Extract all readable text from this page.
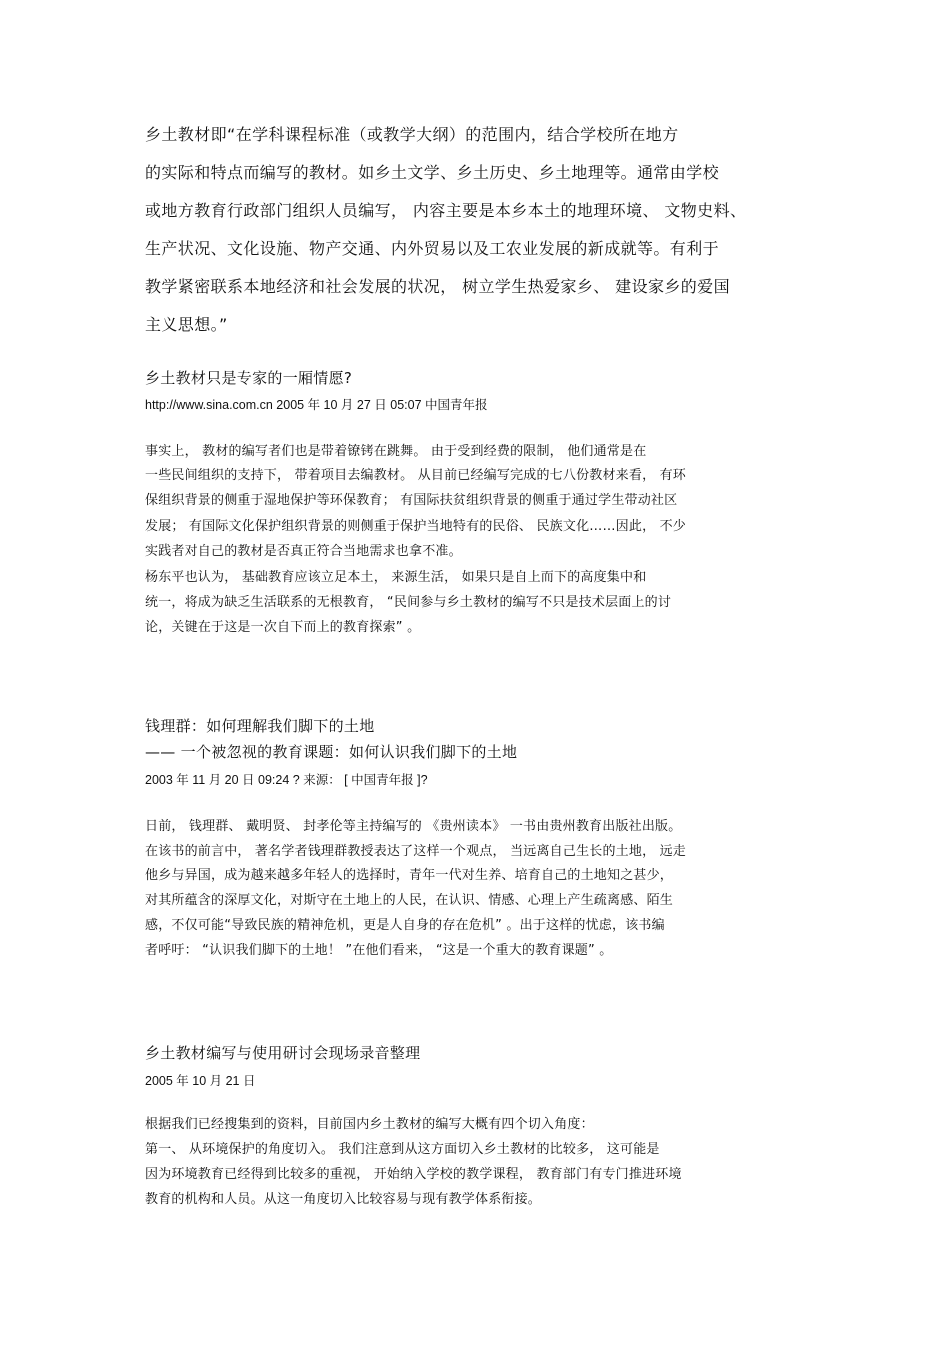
乡土教材即“在学科课程标准（或教学大纲）的范围内，结合学校所在地方
的实际和特点而编写的教材。如乡土文学、乡土历史、乡土地理等。通常由学校
或地方教育行政部门组织人员编写， 内容主要是本乡本土的地理环境、 文物史料、
生产状况、文化设施、物产交通、内外贸易以及工农业发展的新成就等。有利于
教学紧密联系本地经济和社会发展的状况， 树立学生热爱家乡、 建设家乡的爱国
主义思想。”
乡土教材只是专家的一厢情愿?
http://www.sina.com.cn 2005 年 10 月 27 日 05:07 中国青年报
事实上， 教材的编写者们也是带着镣铐在跳舞。 由于受到经费的限制， 他们通常是在
一些民间组织的支持下， 带着项目去编教材。 从目前已经编写完成的七八份教材来看， 有环
保组织背景的侧重于湿地保护等环保教育； 有国际扶贫组织背景的侧重于通过学生带动社区
发展； 有国际文化保护组织背景的则侧重于保护当地特有的民俗、 民族文化……因此， 不少
实践者对自己的教材是否真正符合当地需求也拿不准。
杨东平也认为， 基础教育应该立足本土， 来源生活， 如果只是自上而下的高度集中和
统一，将成为缺乏生活联系的无根教育， “民间参与乡土教材的编写不只是技术层面上的讨
论，关键在于这是一次自下而上的教育探索” 。
钱理群：如何理解我们脚下的土地
—— 一个被忽视的教育课题：如何认识我们脚下的土地
2003 年 11 月 20 日 09:24 ? 来源： [ 中国青年报 ]?
日前， 钱理群、 戴明贤、 封孝伦等主持编写的 《贵州读本》 一书由贵州教育出版社出版。
在该书的前言中， 著名学者钱理群教授表达了这样一个观点， 当远离自己生长的土地， 远走
他乡与异国，成为越来越多年轻人的选择时，青年一代对生养、培育自己的土地知之甚少，
对其所蕴含的深厚文化，对斯守在土地上的人民，在认识、情感、心理上产生疏离感、陌生
感，不仅可能“导致民族的精神危机，更是人自身的存在危机” 。出于这样的忧虑，该书编
者呼吁： “认识我们脚下的土地！ ”在他们看来， “这是一个重大的教育课题” 。
乡土教材编写与使用研讨会现场录音整理
2005 年 10 月 21 日
根据我们已经搜集到的资料，目前国内乡土教材的编写大概有四个切入角度：
第一、 从环境保护的角度切入。 我们注意到从这方面切入乡土教材的比较多， 这可能是
因为环境教育已经得到比较多的重视， 开始纳入学校的教学课程， 教育部门有专门推进环境
教育的机构和人员。从这一角度切入比较容易与现有教学体系衔接。
